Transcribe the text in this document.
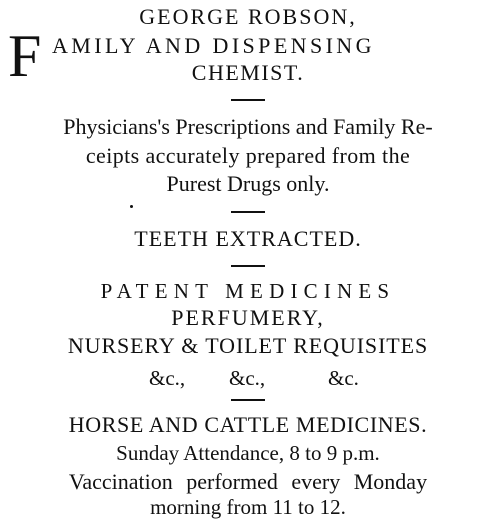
GEORGE ROBSON,
F AMILY AND DISPENSING
CHEMIST.
Physicians's Prescriptions and Family Re-
ceipts accurately prepared from the
Purest Drugs only.
TEETH EXTRACTED.
PATENT MEDICINES
PERFUMERY,
NURSERY & TOILET REQUISITES
&c., &c.,	&c.
HORSE AND CATTLE MEDICINES.
Sunday Attendance, 8 to 9 p.m.
Vaccination performed every Monday
morning from 11 to 12.
